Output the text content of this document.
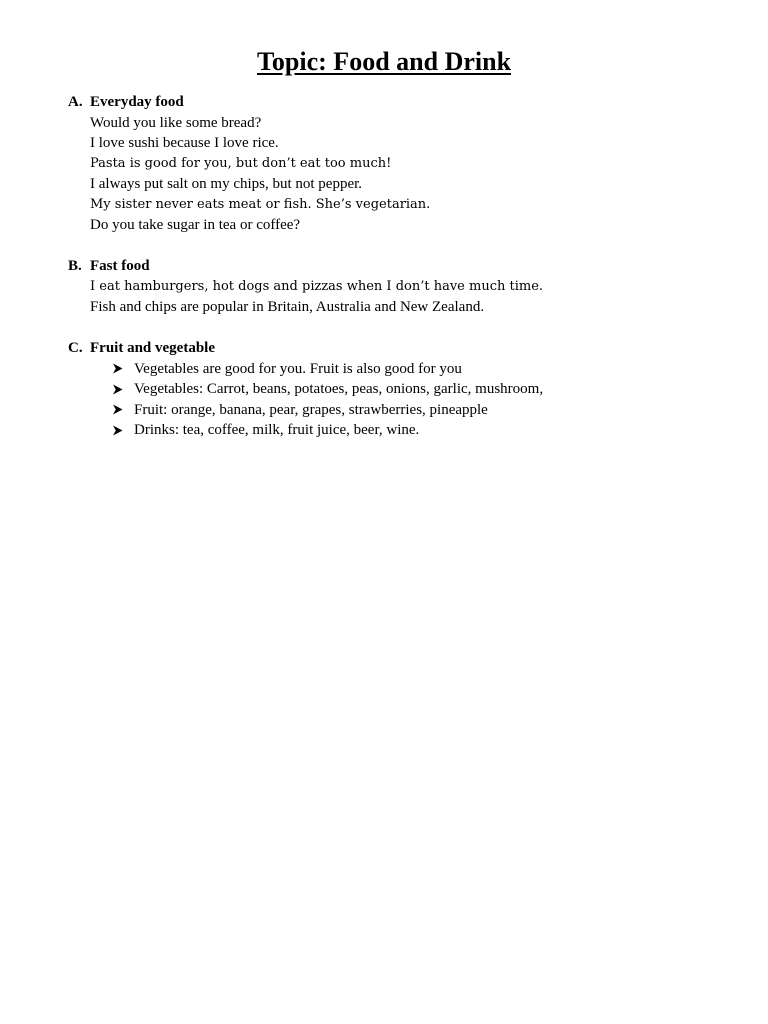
Topic: Food and Drink
A. Everyday food
Would you like some bread?
I love sushi because I love rice.
Pasta is good for you, but don’t eat too much!
I always put salt on my chips, but not pepper.
My sister never eats meat or fish. She’s vegetarian.
Do you take sugar in tea or coffee?
B. Fast food
I eat hamburgers, hot dogs and pizzas when I don’t have much time.
Fish and chips are popular in Britain, Australia and New Zealand.
C. Fruit and vegetable
Vegetables are good for you. Fruit is also good for you
Vegetables: Carrot, beans, potatoes, peas, onions, garlic, mushroom,
Fruit: orange, banana, pear, grapes, strawberries, pineapple
Drinks: tea, coffee, milk, fruit juice, beer, wine.
